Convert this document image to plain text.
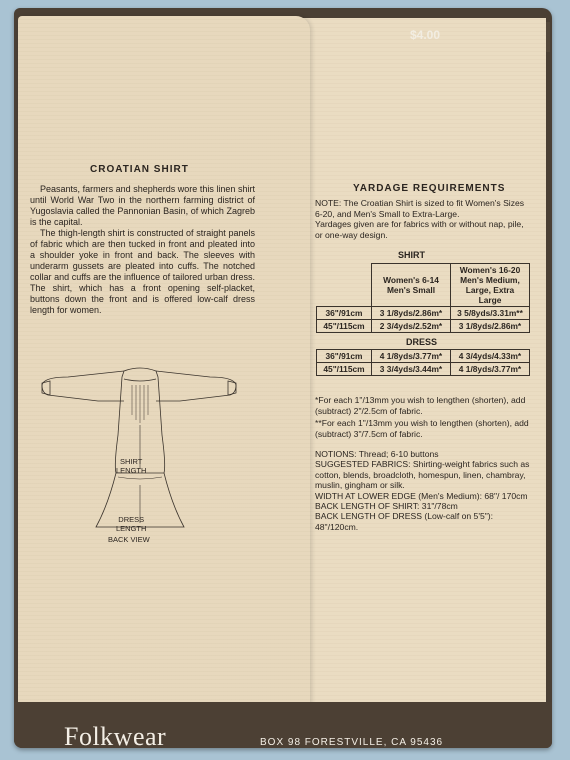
$4.00
CROATIAN SHIRT

Peasants, farmers and shepherds wore this linen shirt until World War Two in the northern farming district of Yugoslavia called the Pannonian Basin, of which Zagreb is the capital.

The thigh-length shirt is constructed of straight panels of fabric which are then tucked in front and pleated into a shoulder yoke in front and back. The sleeves with underarm gussets are pleated into cuffs. The notched collar and cuffs are the influence of tailored urban dress. The shirt, which has a front opening self-placket, buttons down the front and is offered low-calf dress length for women.

SHIRT
LENGTH
DRESS
LENGTH
BACK VIEW
YARDAGE REQUIREMENTS

NOTE: The Croatian Shirt is sized to fit Women's Sizes 6-20, and Men's Small to Extra-Large.

Yardages given are for fabrics with or without nap, pile, or one-way design.

SHIRT
	Women's 6-14 Men's Small	Women's 16-20 Men's Medium, Large, Extra Large
36"/91cm	3 1/8yds/2.86m*	3 5/8yds/3.31m**
45"/115cm	2 3/4yds/2.52m*	3 1/8yds/2.86m*
DRESS
36"/91cm	4 1/8yds/3.77m*	4 3/4yds/4.33m*
45"/115cm	3 3/4yds/3.44m*	4 1/8yds/3.77m*
*For each 1"/13mm you wish to lengthen (shorten), add (subtract) 2"/2.5cm of fabric.
**For each 1"/13mm you wish to lengthen (shorten), add (subtract) 3"/7.5cm of fabric.

NOTIONS: Thread; 6-10 buttons

SUGGESTED FABRICS: Shirting-weight fabrics such as cotton, blends, broadcloth, homespun, linen, chambray, muslin, gingham or silk.

WIDTH AT LOWER EDGE (Men's Medium): 68"/ 170cm

BACK LENGTH OF SHIRT: 31"/78cm

BACK LENGTH OF DRESS (Low-calf on 5'5"): 48"/120cm.

Folkwear	BOX 98 FORESTVILLE, CA 95436
